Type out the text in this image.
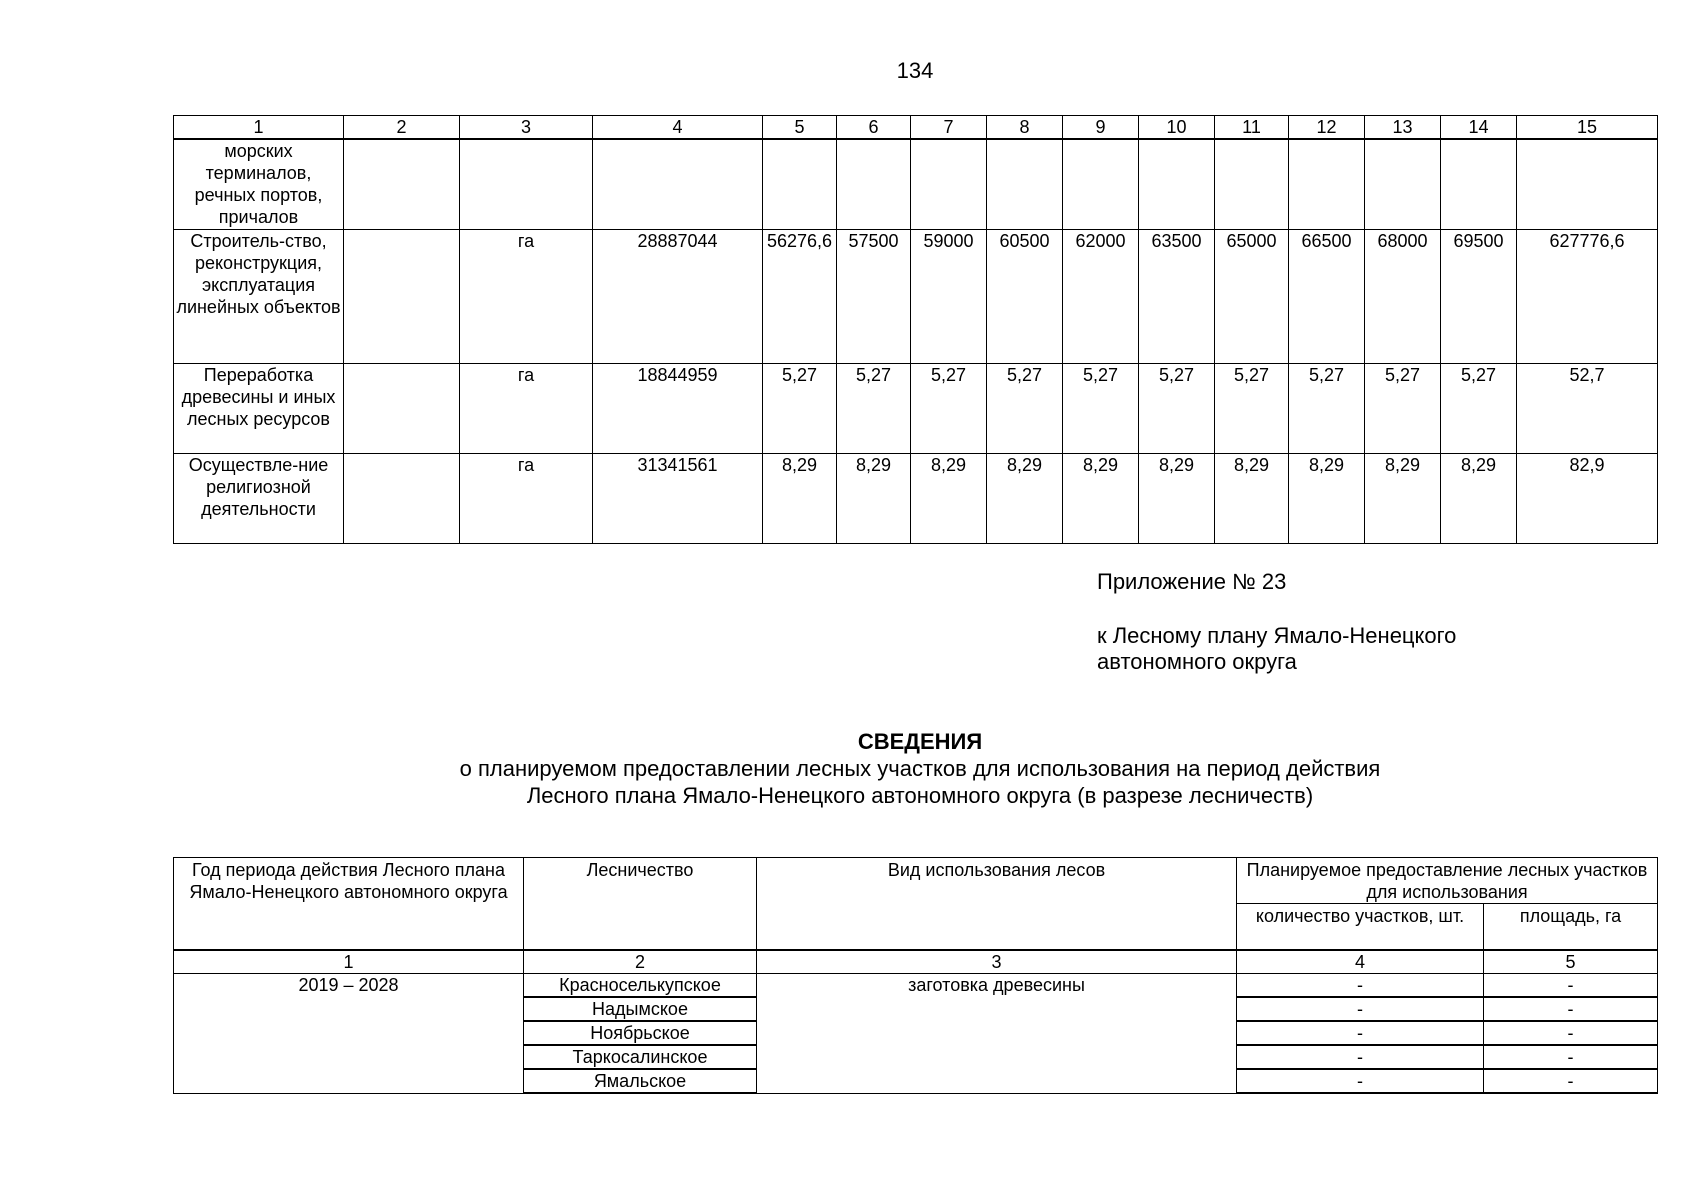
134
1	2	3	4	5	6	7	8	9	10	11	12	13	14	15
морских терминалов, речных портов, причалов														
Строитель-ство, реконструкция, эксплуатация линейных объектов		га	28887044	56276,6	57500	59000	60500	62000	63500	65000	66500	68000	69500	627776,6
Переработка древесины и иных лесных ресурсов		га	18844959	5,27	5,27	5,27	5,27	5,27	5,27	5,27	5,27	5,27	5,27	52,7
Осуществле-ние религиозной деятельности		га	31341561	8,29	8,29	8,29	8,29	8,29	8,29	8,29	8,29	8,29	8,29	82,9
Приложение № 23
к Лесному плану Ямало-Ненецкого автономного округа
СВЕДЕНИЯ
о планируемом предоставлении лесных участков для использования на период действия
Лесного плана Ямало-Ненецкого автономного округа (в разрезе лесничеств)
Год периода действия Лесного плана Ямало-Ненецкого автономного округа	Лесничество	Вид использования лесов	Планируемое предоставление лесных участков для использования	
			количество участков, шт.	площадь, га
1	2	3	4	5
2019 – 2028	Красноселькупское	заготовка древесины	-	-
	Надымское		-	-
	Ноябрьское		-	-
	Таркосалинское		-	-
	Ямальское		-	-
